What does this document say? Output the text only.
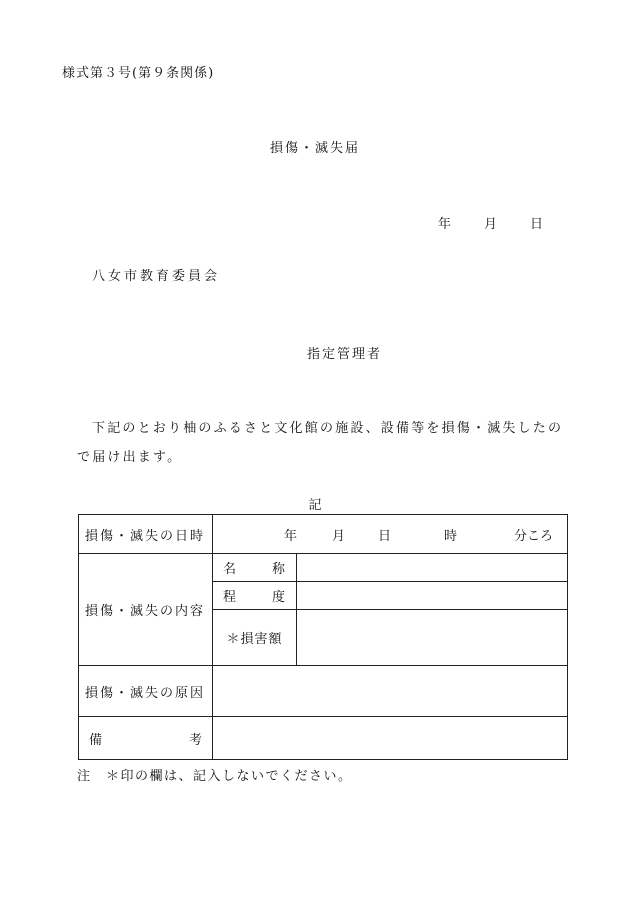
様式第３号(第９条関係)
損傷・滅失届
年	月	日
八女市教育委員会
指定管理者
下記のとおり柚のふるさと文化館の施設、設備等を損傷・滅失したの
で届け出ます。
記
損傷・滅失の日時	年 月 日 時 分ころ	

損傷・滅失の内容	名 称	

	程 度	

	＊損害額	
損傷・滅失の原因		

備 考		

注　＊印の欄は、記入しないでください。
